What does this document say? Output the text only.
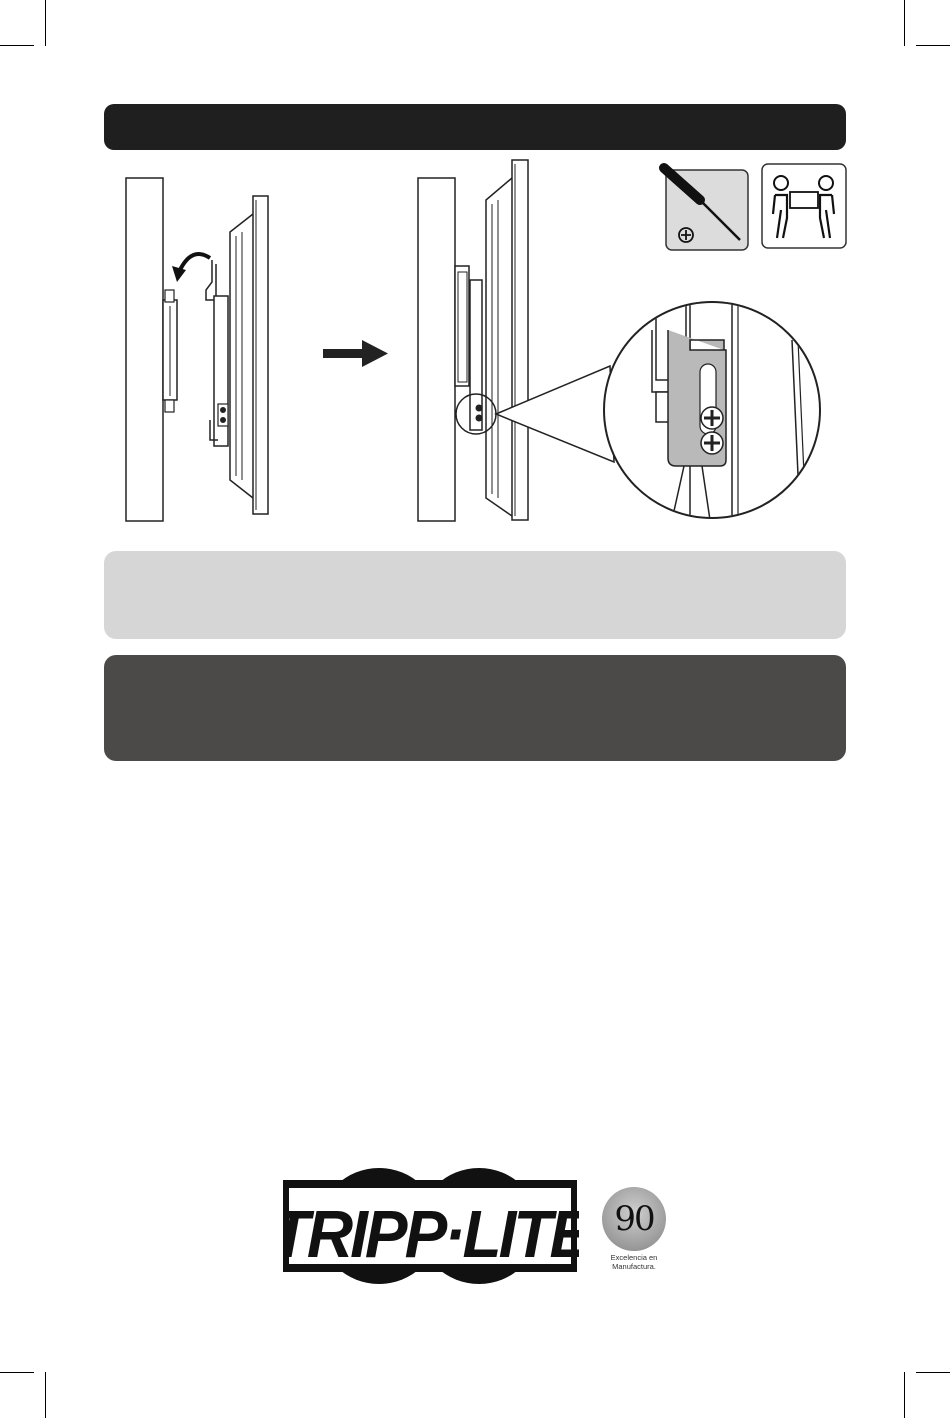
TRIPP·LITE 90
Excelencia en
Manufactura.
